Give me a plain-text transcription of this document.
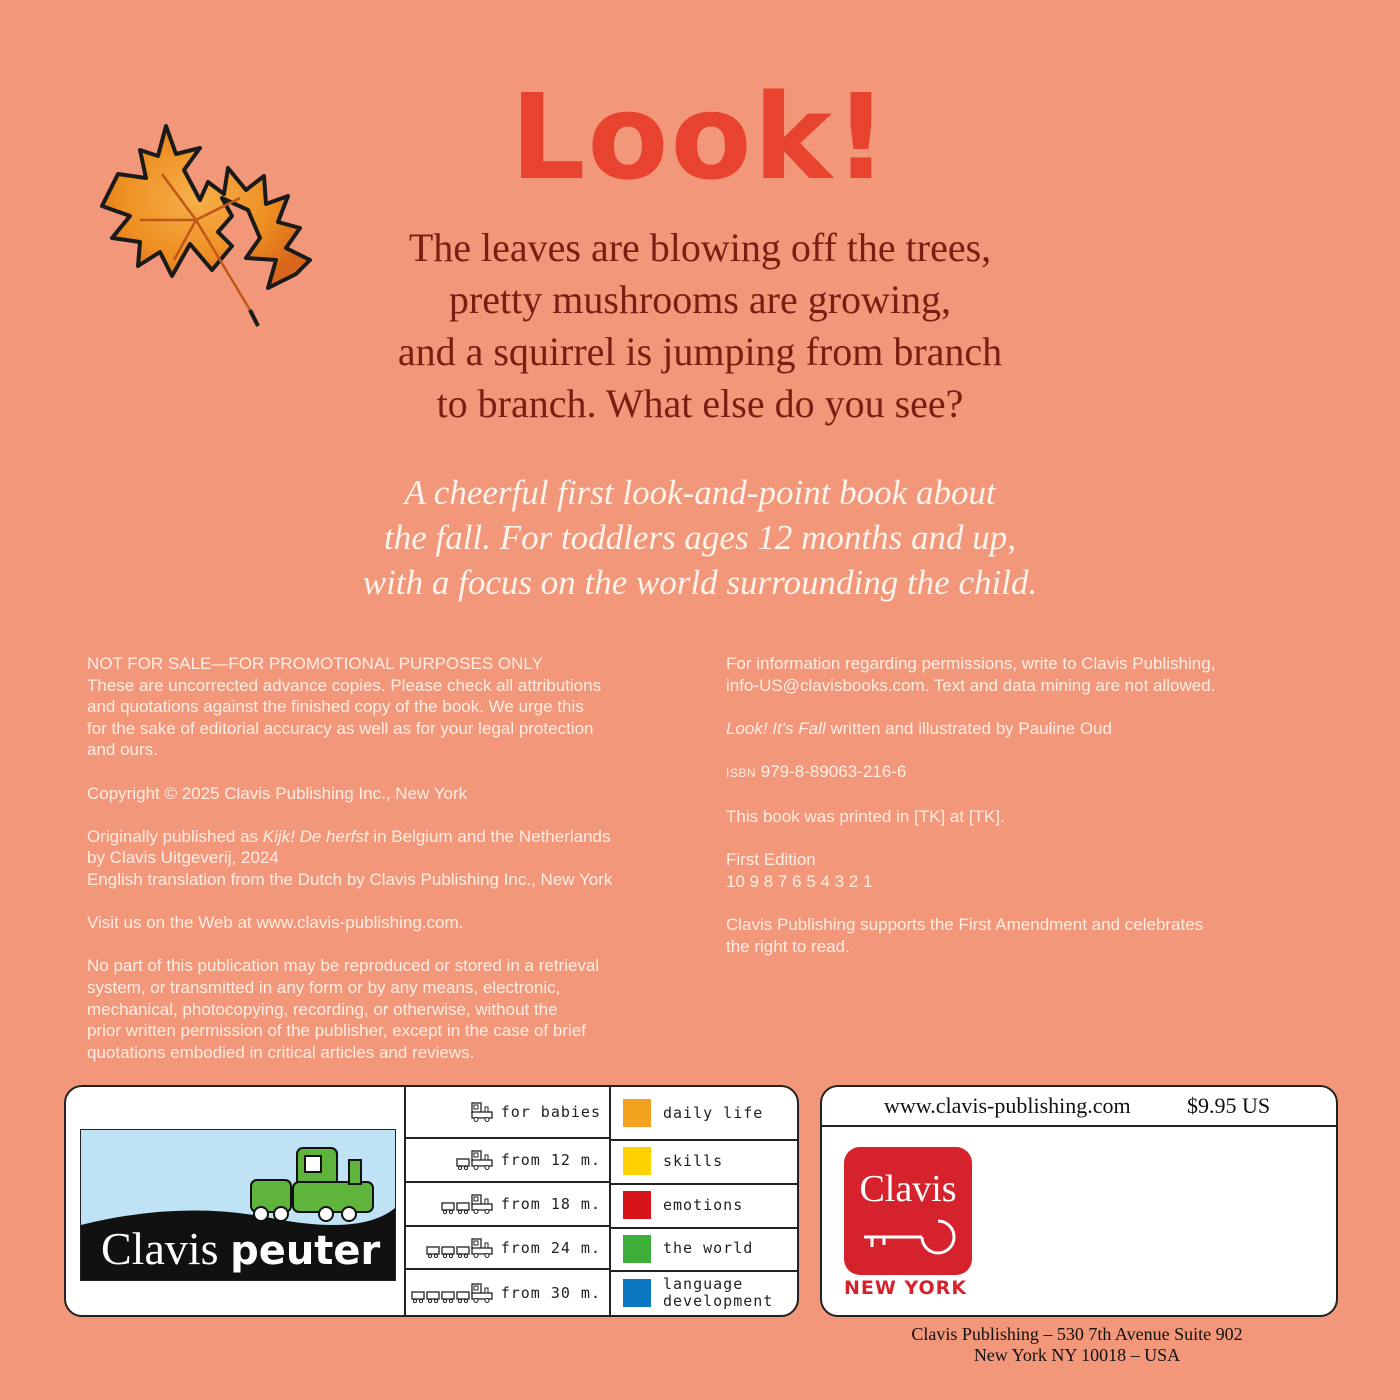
Look!
The leaves are blowing off the trees,
pretty mushrooms are growing,
and a squirrel is jumping from branch
to branch. What else do you see?
A cheerful first look-and-point book about
the fall. For toddlers ages 12 months and up,
with a focus on the world surrounding the child.

NOT FOR SALE—FOR PROMOTIONAL PURPOSES ONLY
These are uncorrected advance copies. Please check all attributions
and quotations against the finished copy of the book. We urge this
for the sake of editorial accuracy as well as for your legal protection
and ours.

Copyright © 2025 Clavis Publishing Inc., New York

Originally published as Kijk! De herfst in Belgium and the Netherlands
by Clavis Uitgeverij, 2024
English translation from the Dutch by Clavis Publishing Inc., New York

Visit us on the Web at www.clavis-publishing.com.

No part of this publication may be reproduced or stored in a retrieval
system, or transmitted in any form or by any means, electronic,
mechanical, photocopying, recording, or otherwise, without the
prior written permission of the publisher, except in the case of brief
quotations embodied in critical articles and reviews.

For information regarding permissions, write to Clavis Publishing,
info-US@clavisbooks.com. Text and data mining are not allowed.

Look! It's Fall written and illustrated by Pauline Oud

ISBN 979-8-89063-216-6

This book was printed in [TK] at [TK].

First Edition
10 9 8 7 6 5 4 3 2 1

Clavis Publishing supports the First Amendment and celebrates
the right to read.

Clavis peuter
for babies
from 12 m.
from 18 m.
from 24 m.
from 30 m.
daily life
skills
emotions
the world
language
development
www.clavis-publishing.com	$9.95 US
Clavis
NEW YORK
Clavis Publishing – 530 7th Avenue Suite 902
New York NY 10018 – USA
